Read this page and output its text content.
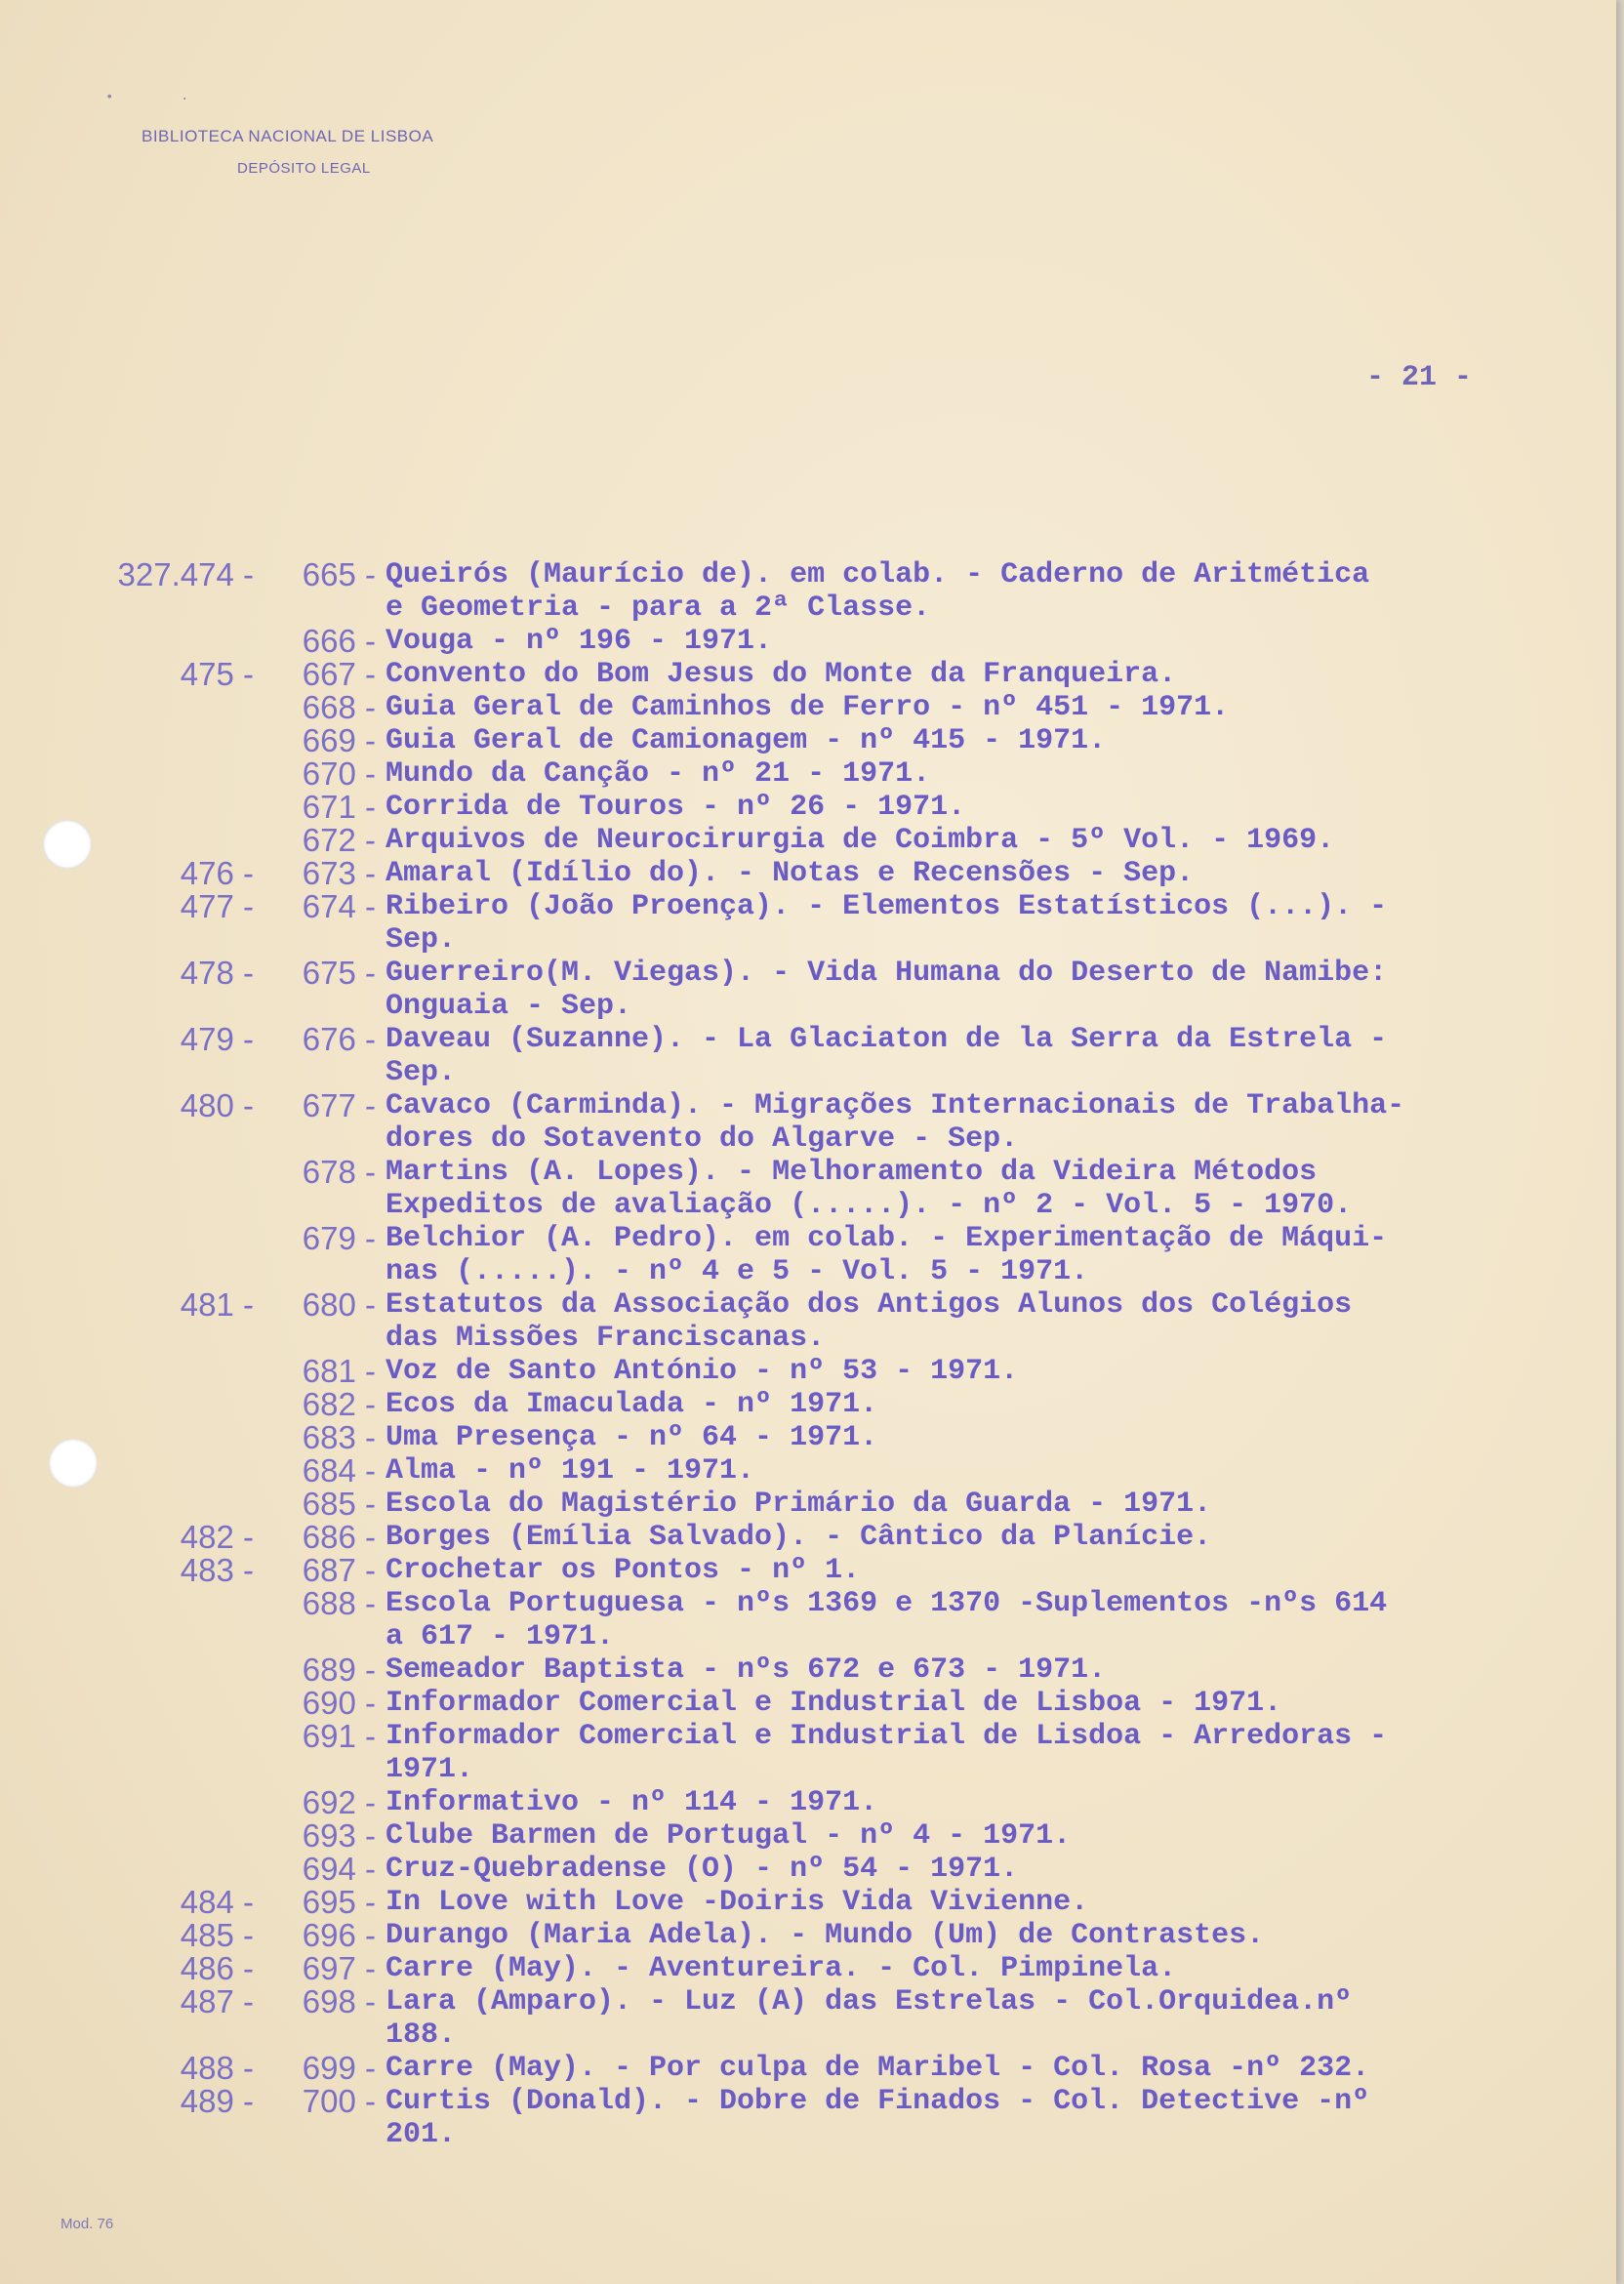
•	·
BIBLIOTECA NACIONAL DE LISBOA
DEPÓSITO LEGAL
- 21 -
327.474 -	665 - Queirós (Maurício de). em colab. - Caderno de Aritmética
e Geometria - para a 2ª Classe.
666 - Vouga - nº 196 - 1971.
475 -	667 - Convento do Bom Jesus do Monte da Franqueira.
668 - Guia Geral de Caminhos de Ferro - nº 451 - 1971.
669 - Guia Geral de Camionagem - nº 415 - 1971.
670 - Mundo da Canção - nº 21 - 1971.
671 - Corrida de Touros - nº 26 - 1971.
672 - Arquivos de Neurocirurgia de Coimbra - 5º Vol. - 1969.
476 -	673 - Amaral (Idílio do). - Notas e Recensões - Sep.
477 -	674 - Ribeiro (João Proença). - Elementos Estatísticos (...). -
Sep.
478 -	675 - Guerreiro(M. Viegas). - Vida Humana do Deserto de Namibe:
Onguaia - Sep.
479 -	676 - Daveau (Suzanne). - La Glaciaton de la Serra da Estrela -
Sep.
480 -	677 - Cavaco (Carminda). - Migrações Internacionais de Trabalha-
dores do Sotavento do Algarve - Sep.
678 - Martins (A. Lopes). - Melhoramento da Videira Métodos
Expeditos de avaliação (.....). - nº 2 - Vol. 5 - 1970.
679 - Belchior (A. Pedro). em colab. - Experimentação de Máqui-
nas (.....). - nº 4 e 5 - Vol. 5 - 1971.
481 -	680 - Estatutos da Associação dos Antigos Alunos dos Colégios
das Missões Franciscanas.
681 - Voz de Santo António - nº 53 - 1971.
682 - Ecos da Imaculada - nº 1971.
683 - Uma Presença - nº 64 - 1971.
684 - Alma - nº 191 - 1971.
685 - Escola do Magistério Primário da Guarda - 1971.
482 -	686 - Borges (Emília Salvado). - Cântico da Planície.
483 -	687 - Crochetar os Pontos - nº 1.
688 - Escola Portuguesa - nºs 1369 e 1370 -Suplementos -nºs 614
a 617 - 1971.
689 - Semeador Baptista - nºs 672 e 673 - 1971.
690 - Informador Comercial e Industrial de Lisboa - 1971.
691 - Informador Comercial e Industrial de Lisdoa - Arredoras -
1971.
692 - Informativo - nº 114 - 1971.
693 - Clube Barmen de Portugal - nº 4 - 1971.
694 - Cruz-Quebradense (O) - nº 54 - 1971.
484 -	695 - In Love with Love -Doiris Vida Vivienne.
485 -	696 - Durango (Maria Adela). - Mundo (Um) de Contrastes.
486 -	697 - Carre (May). - Aventureira. - Col. Pimpinela.
487 -	698 - Lara (Amparo). - Luz (A) das Estrelas - Col.Orquidea.nº
188.
488 -	699 - Carre (May). - Por culpa de Maribel - Col. Rosa -nº 232.
489 -	700 - Curtis (Donald). - Dobre de Finados - Col. Detective -nº
201.
Mod. 76
